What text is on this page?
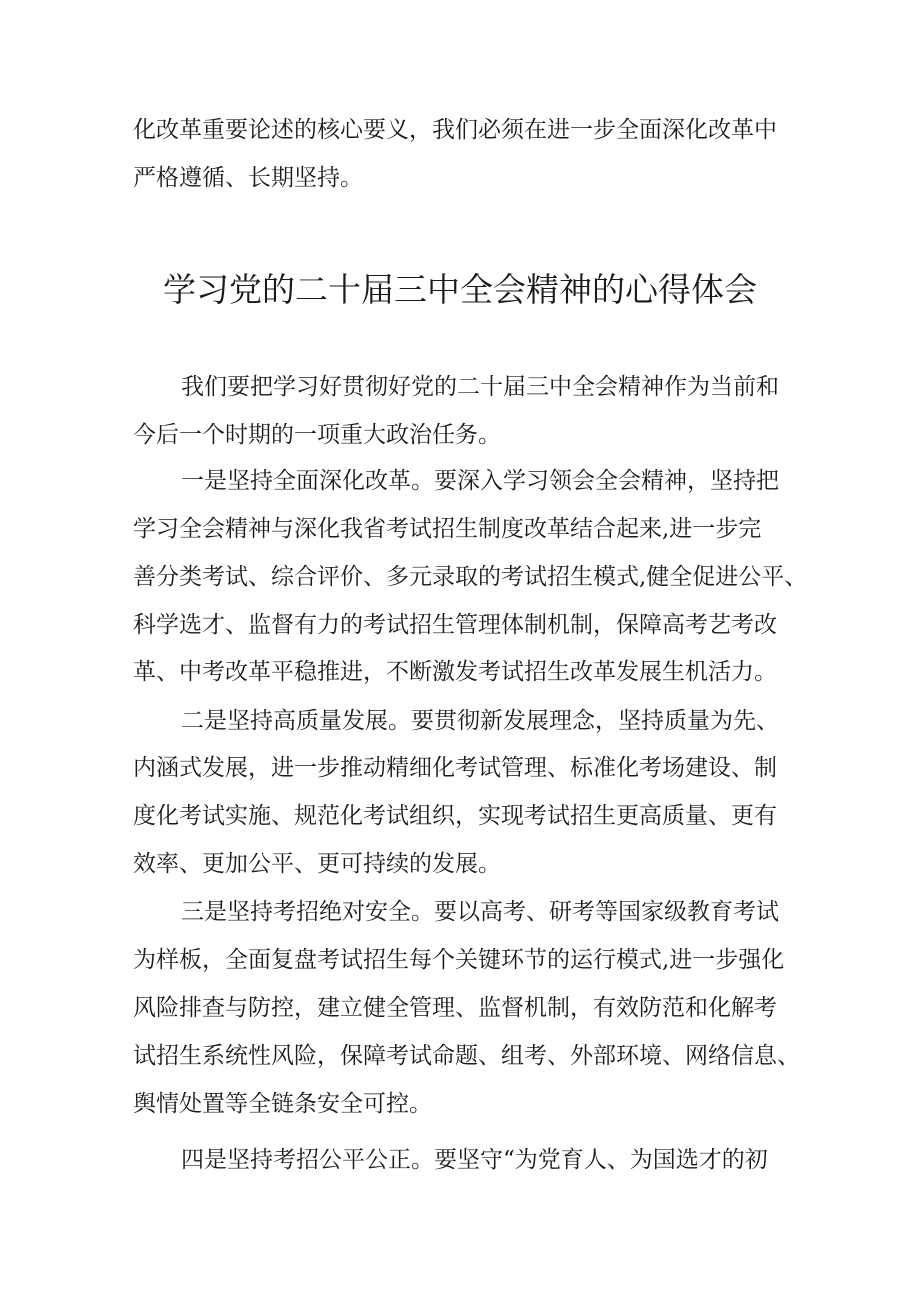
化改革重要论述的核心要义，我们必须在进一步全面深化改革中
严格遵循、长期坚持。
学习党的二十届三中全会精神的心得体会
我们要把学习好贯彻好党的二十届三中全会精神作为当前和
今后一个时期的一项重大政治任务。
一是坚持全面深化改革。要深入学习领会全会精神，坚持把
学习全会精神与深化我省考试招生制度改革结合起来,进一步完
善分类考试、综合评价、多元录取的考试招生模式,健全促进公平、
科学选才、监督有力的考试招生管理体制机制，保障高考艺考改
革、中考改革平稳推进，不断激发考试招生改革发展生机活力。
二是坚持高质量发展。要贯彻新发展理念，坚持质量为先、
内涵式发展，进一步推动精细化考试管理、标准化考场建设、制
度化考试实施、规范化考试组织，实现考试招生更高质量、更有
效率、更加公平、更可持续的发展。
三是坚持考招绝对安全。要以高考、研考等国家级教育考试
为样板，全面复盘考试招生每个关键环节的运行模式,进一步强化
风险排查与防控，建立健全管理、监督机制，有效防范和化解考
试招生系统性风险，保障考试命题、组考、外部环境、网络信息、
舆情处置等全链条安全可控。
四是坚持考招公平公正。要坚守“为党育人、为国选才的初
